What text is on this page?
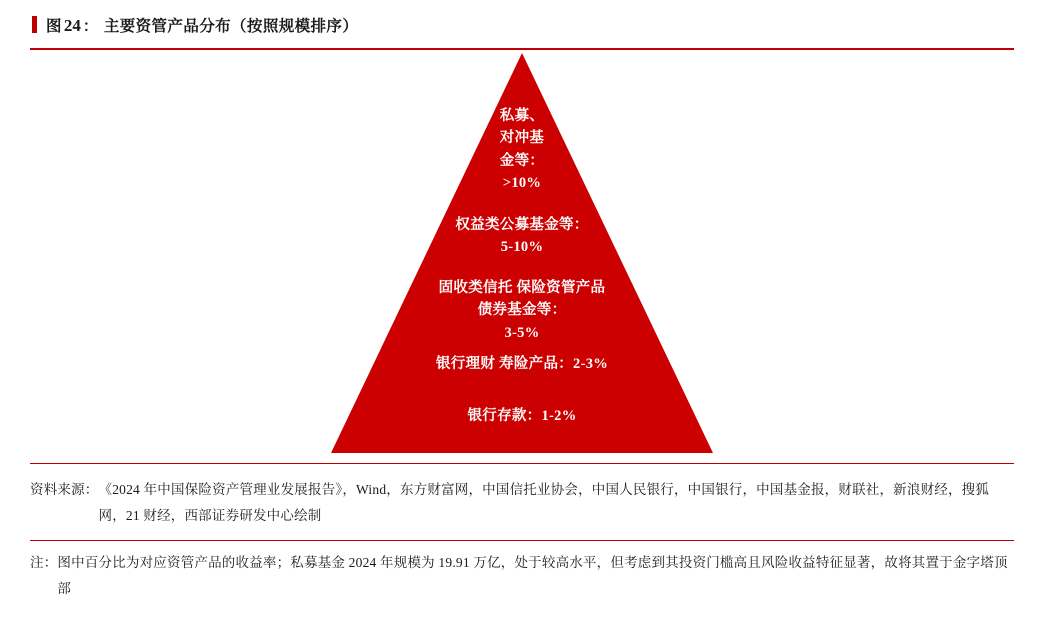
图 24 ： 主要资管产品分布（按照规模排序）
私募、
对冲基
金等：
>10%
权益类公募基金等：
5-10%
固收类信托 保险资管产品
债券基金等：
3-5%
银行理财 寿险产品：2-3%
银行存款：1-2%
资料来源： 《2024 年中国保险资产管理业发展报告》，Wind，东方财富网，中国信托业协会，中国人民银行，中国银行，中国基金报，财联社，新浪财经，搜狐网，21 财经，西部证券研发中心绘制
注： 图中百分比为对应资管产品的收益率；私募基金 2024 年规模为 19.91 万亿，处于较高水平，但考虑到其投资门槛高且风险收益特征显著，故将其置于金字塔顶部
